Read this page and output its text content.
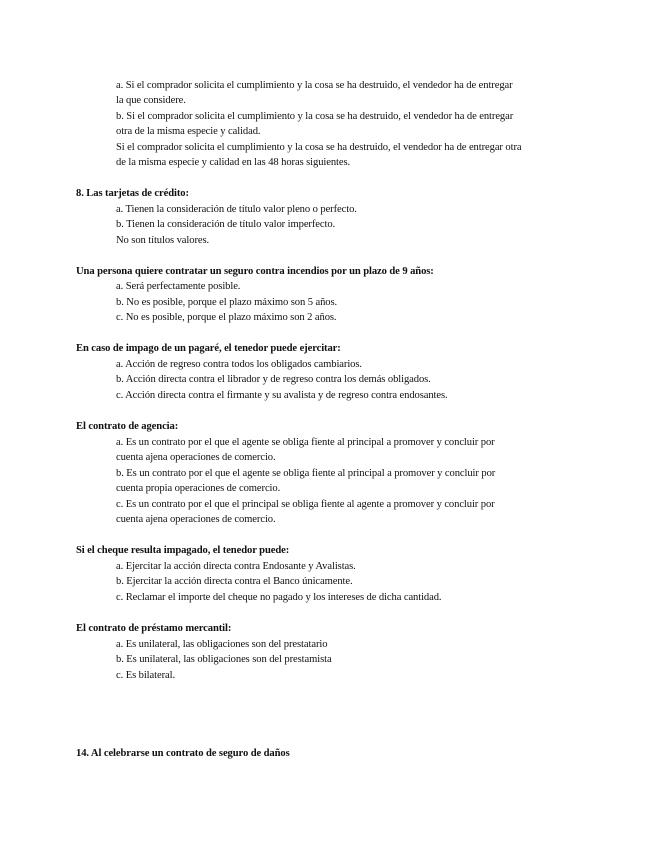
a. Si el comprador solicita el cumplimiento y la cosa se ha destruido, el vendedor ha de entregar
la que considere.
b. Si el comprador solicita el cumplimiento y la cosa se ha destruido, el vendedor ha de entregar
otra de la misma especie y calidad.
Si el comprador solicita el cumplimiento y la cosa se ha destruido, el vendedor ha de entregar otra
de la misma especie y calidad en las 48 horas siguientes.
8. Las tarjetas de crédito:
a. Tienen la consideración de título valor pleno o perfecto.
b. Tienen la consideración de título valor imperfecto.
No son títulos valores.
Una persona quiere contratar un seguro contra incendios por un plazo de 9 años:
a. Será perfectamente posible.
b. No es posible, porque el plazo máximo son 5 años.
c. No es posible, porque el plazo máximo son 2 años.
En caso de impago de un pagaré, el tenedor puede ejercitar:
a. Acción de regreso contra todos los obligados cambiarios.
b. Acción directa contra el librador y de regreso contra los demás obligados.
c. Acción directa contra el firmante y su avalista y de regreso contra endosantes.
El contrato de agencia:
a. Es un contrato por el que el agente se obliga fiente al principal a promover y concluir por
cuenta ajena operaciones de comercio.
b. Es un contrato por el que el agente se obliga fiente al principal a promover y concluir por
cuenta propia operaciones de comercio.
c. Es un contrato por el que el principal se obliga fiente al agente a promover y concluir por
cuenta ajena operaciones de comercio.
Si el cheque resulta impagado, el tenedor puede:
a. Ejercitar la acción directa contra Endosante y Avalistas.
b. Ejercitar la acción directa contra el Banco únicamente.
c. Reclamar el importe del cheque no pagado y los intereses de dicha cantidad.
El contrato de préstamo mercantil:
a. Es unilateral, las obligaciones son del prestatario
b. Es unilateral, las obligaciones son del prestamista
c. Es bilateral.
14. Al celebrarse un contrato de seguro de daños
